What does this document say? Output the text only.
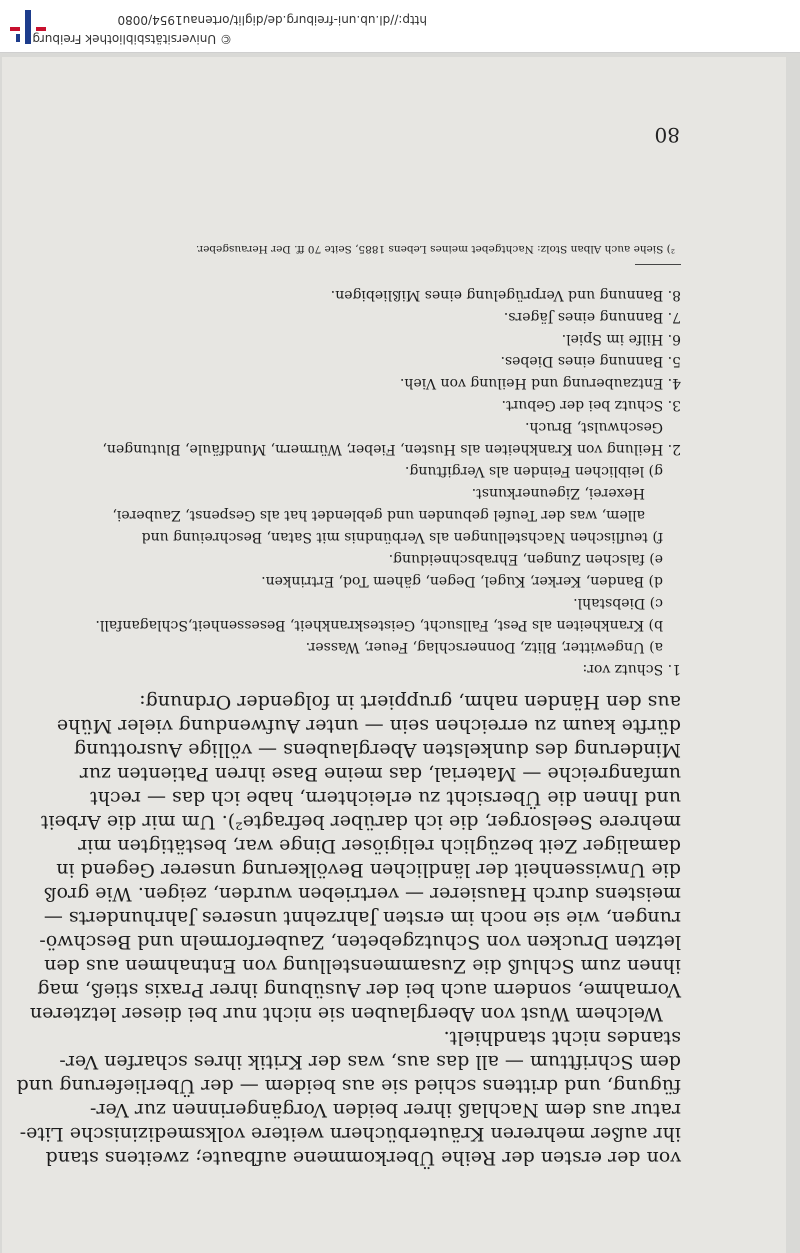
von der ersten der Reihe Überkommene aufbaute; zweitens stand
ihr außer mehreren Kräuterbüchern weitere volksmedizinische Lite-
ratur aus dem Nachlaß ihrer beiden Vorgängerinnen zur Ver-
fügung, und drittens schied sie aus beidem — der Überlieferung und
dem Schrifttum — all das aus, was der Kritik ihres scharfen Ver-
standes nicht standhielt.
Welchem Wust von Aberglauben sie nicht nur bei dieser letzteren
Vornahme, sondern auch bei der Ausübung ihrer Praxis stieß, mag
ihnen zum Schluß die Zusammenstellung von Entnahmen aus den
letzten Drucken von Schutzgebeten, Zauberformeln und Beschwö-
rungen, wie sie noch im ersten Jahrzehnt unseres Jahrhunderts —
meistens durch Hausierer — vertrieben wurden, zeigen. Wie groß
die Unwissenheit der ländlichen Bevölkerung unserer Gegend in
damaliger Zeit bezüglich religiöser Dinge war, bestätigten mir
mehrere Seelsorger, die ich darüber befragte²). Um mir die Arbeit
und Ihnen die Übersicht zu erleichtern, habe ich das — recht
umfangreiche — Material, das meine Base ihren Patienten zur
Minderung des dunkelsten Aberglaubens — völlige Ausrottung
dürfte kaum zu erreichen sein — unter Aufwendung vieler Mühe
aus den Händen nahm, gruppiert in folgender Ordnung:
1. Schutz vor:
a) Ungewitter, Blitz, Donnerschlag, Feuer, Wasser.
b) Krankheiten als Pest, Fallsucht, Geisteskrankheit, Besessenheit,Schlaganfall.
c) Diebstahl.
d) Banden, Kerker, Kugel, Degen, gähem Tod, Ertrinken.
e) falschen Zungen, Ehrabschneidung.
f) teuflischen Nachstellungen als Verbündnis mit Satan, Beschreiung und
allem, was der Teufel gebunden und geblendet hat als Gespenst, Zauberei,
Hexerei, Zigeunerkunst.
g) leiblichen Feinden als Vergiftung.
2. Heilung von Krankheiten als Husten, Fieber, Würmern, Mundfäule, Blutungen,
Geschwulst, Bruch.
3. Schutz bei der Geburt.
4. Entzauberung und Heilung von Vieh.
5. Bannung eines Diebes.
6. Hilfe im Spiel.
7. Bannung eines Jägers.
8. Bannung und Verprügelung eines Mißliebigen.
²) Siehe auch Alban Stolz: Nachtgebet meines Lebens 1885, Seite 70 ff. Der Herausgeber.
80
© Universitätsbibliothek Freiburg
http://dl.ub.uni-freiburg.de/diglit/ortenau1954/0080
